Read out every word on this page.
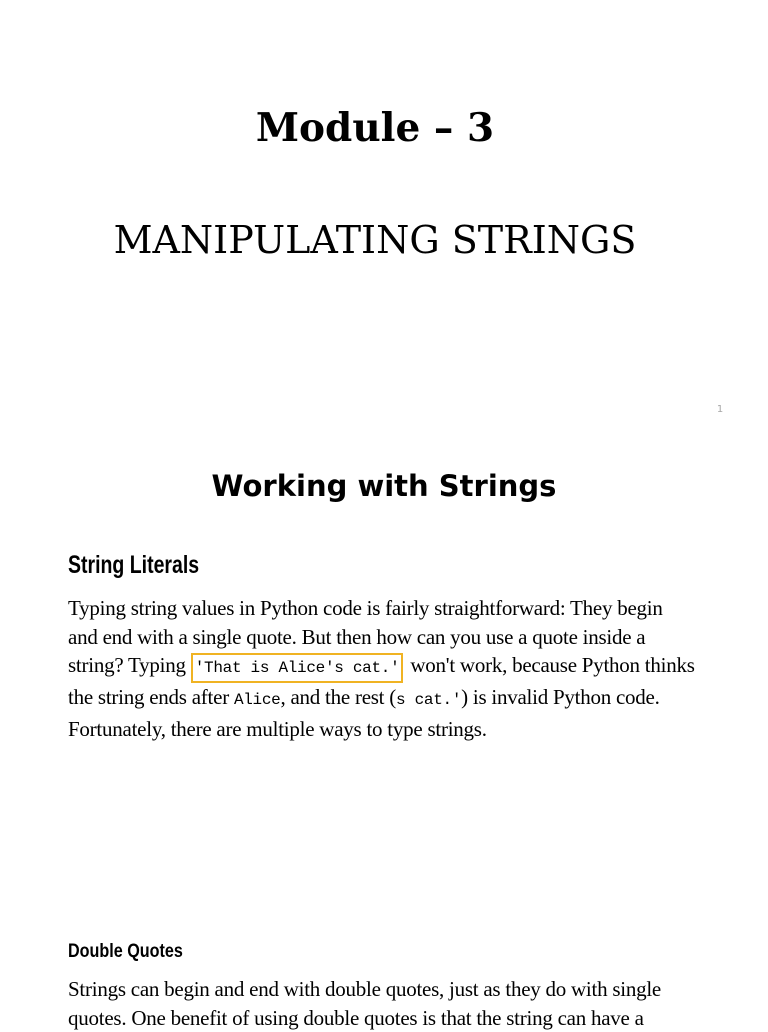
Module – 3
MANIPULATING STRINGS
1
Working with Strings
String Literals

Typing string values in Python code is fairly straightforward: They begin
and end with a single quote. But then how can you use a quote inside a
string? Typing 'That is Alice's cat.' won't work, because Python thinks
the string ends after Alice, and the rest (s cat.') is invalid Python code.
Fortunately, there are multiple ways to type strings.

Double Quotes

Strings can begin and end with double quotes, just as they do with single
quotes. One benefit of using double quotes is that the string can have a
